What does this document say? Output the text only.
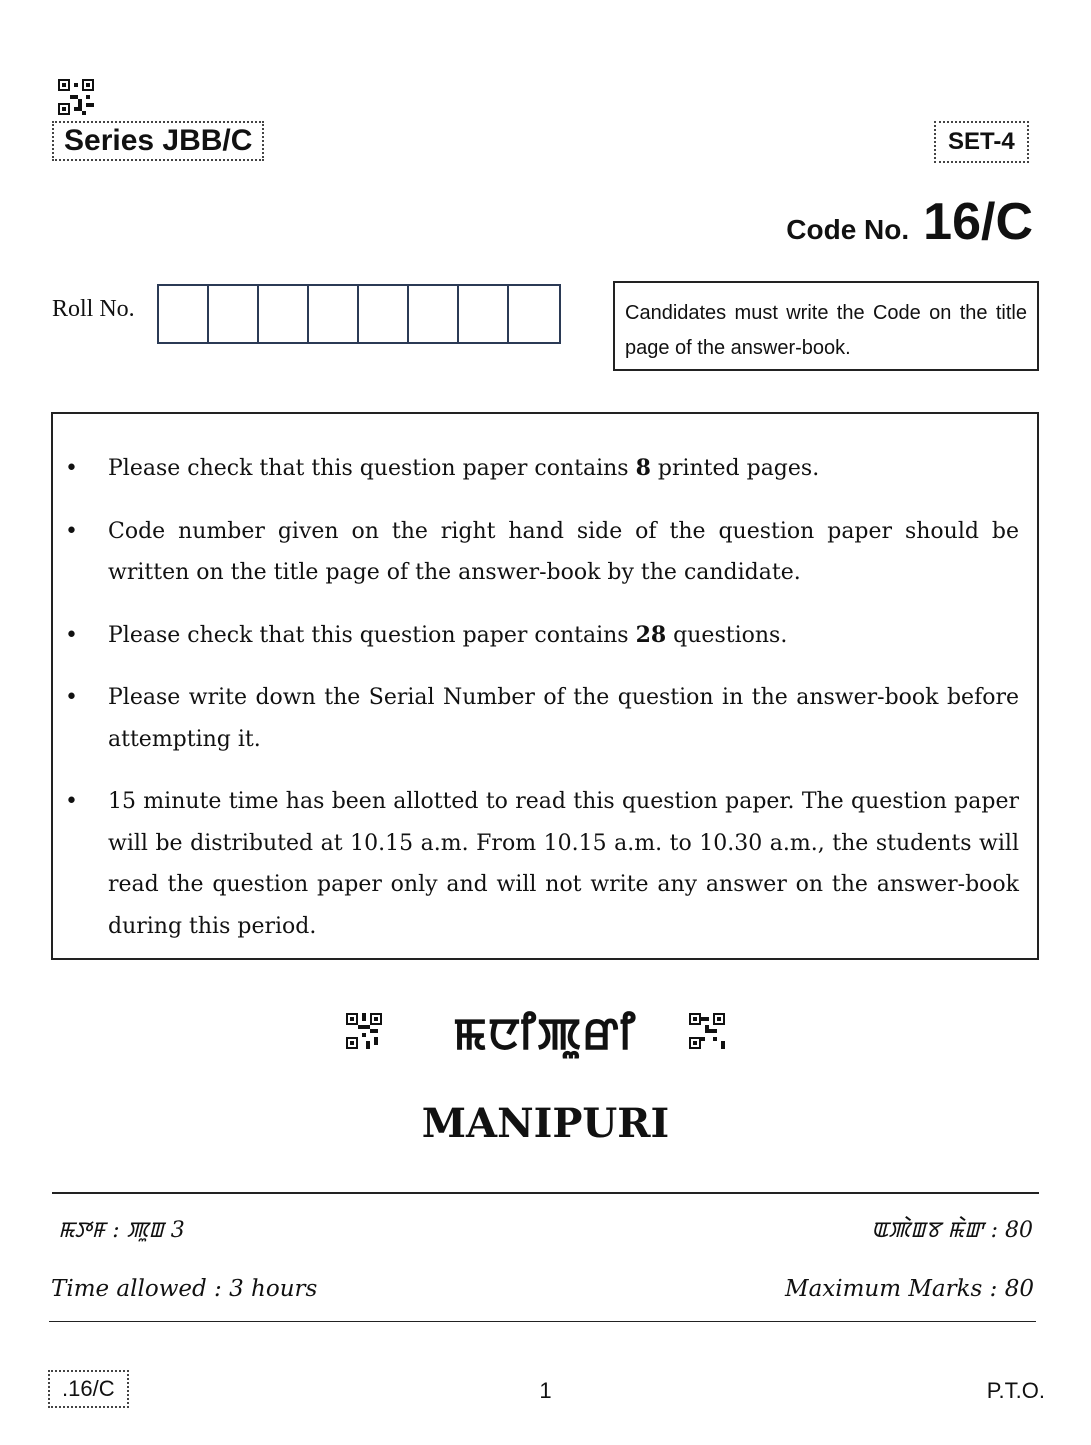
Series JBB/C	SET-4
Code No. 16/C
Roll No.	Candidates must write the Code on the title page of the answer-book.
• Please check that this question paper contains 8 printed pages.
• Code number given on the right hand side of the question paper should be written on the title page of the answer-book by the candidate.
• Please check that this question paper contains 28 questions.
• Please write down the Serial Number of the question in the answer-book before attempting it.
• 15 minute time has been allotted to read this question paper. The question paper will be distributed at 10.15 a.m. From 10.15 a.m. to 10.30 a.m., the students will read the question paper only and will not write any answer on the answer-book during this period.
ꯃꯅꯤꯄꯨꯔꯤ
MANIPURI
ꯃꯇꯝ : ꯄꯨꯡ 3	ꯑꯄꯥꯡꯕ ꯃꯥꯛ : 80
Time allowed : 3 hours	Maximum Marks : 80
.16/C	1	P.T.O.
